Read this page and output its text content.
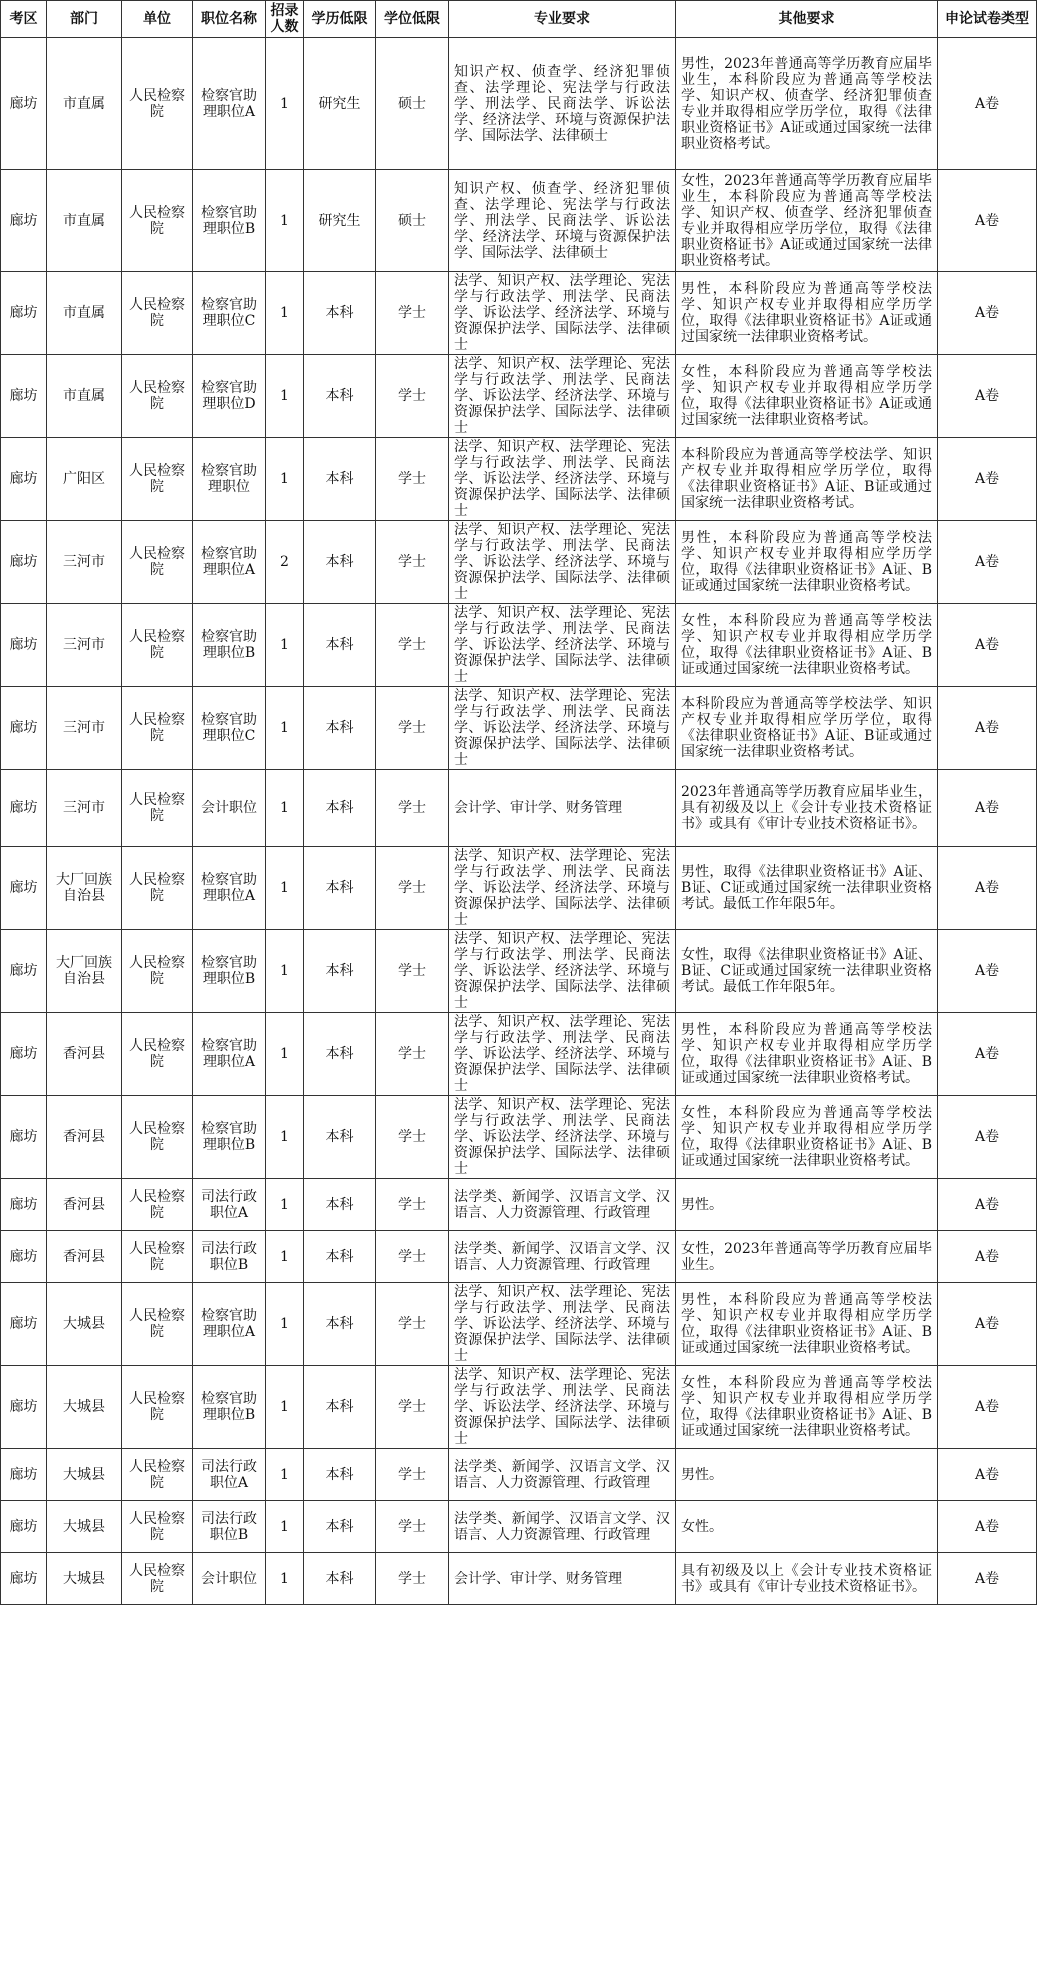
考区	部门	单位	职位名称	招录人数	学历低限	学位低限	专业要求	其他要求	申论试卷类型
廊坊	市直属	人民检察院	检察官助理职位A	1	研究生	硕士	知识产权、侦查学、经济犯罪侦查、法学理论、宪法学与行政法学、刑法学、民商法学、诉讼法学、经济法学、环境与资源保护法学、国际法学、法律硕士	男性，2023年普通高等学历教育应届毕业生，本科阶段应为普通高等学校法学、知识产权、侦查学、经济犯罪侦查专业并取得相应学历学位，取得《法律职业资格证书》A证或通过国家统一法律职业资格考试。	A卷
廊坊	市直属	人民检察院	检察官助理职位B	1	研究生	硕士	知识产权、侦查学、经济犯罪侦查、法学理论、宪法学与行政法学、刑法学、民商法学、诉讼法学、经济法学、环境与资源保护法学、国际法学、法律硕士	女性，2023年普通高等学历教育应届毕业生，本科阶段应为普通高等学校法学、知识产权、侦查学、经济犯罪侦查专业并取得相应学历学位，取得《法律职业资格证书》A证或通过国家统一法律职业资格考试。	A卷
廊坊	市直属	人民检察院	检察官助理职位C	1	本科	学士	法学、知识产权、法学理论、宪法学与行政法学、刑法学、民商法学、诉讼法学、经济法学、环境与资源保护法学、国际法学、法律硕士	男性，本科阶段应为普通高等学校法学、知识产权专业并取得相应学历学位，取得《法律职业资格证书》A证或通过国家统一法律职业资格考试。	A卷
廊坊	市直属	人民检察院	检察官助理职位D	1	本科	学士	法学、知识产权、法学理论、宪法学与行政法学、刑法学、民商法学、诉讼法学、经济法学、环境与资源保护法学、国际法学、法律硕士	女性，本科阶段应为普通高等学校法学、知识产权专业并取得相应学历学位，取得《法律职业资格证书》A证或通过国家统一法律职业资格考试。	A卷
廊坊	广阳区	人民检察院	检察官助理职位	1	本科	学士	法学、知识产权、法学理论、宪法学与行政法学、刑法学、民商法学、诉讼法学、经济法学、环境与资源保护法学、国际法学、法律硕士	本科阶段应为普通高等学校法学、知识产权专业并取得相应学历学位，取得《法律职业资格证书》A证、B证或通过国家统一法律职业资格考试。	A卷
廊坊	三河市	人民检察院	检察官助理职位A	2	本科	学士	法学、知识产权、法学理论、宪法学与行政法学、刑法学、民商法学、诉讼法学、经济法学、环境与资源保护法学、国际法学、法律硕士	男性，本科阶段应为普通高等学校法学、知识产权专业并取得相应学历学位，取得《法律职业资格证书》A证、B证或通过国家统一法律职业资格考试。	A卷
廊坊	三河市	人民检察院	检察官助理职位B	1	本科	学士	法学、知识产权、法学理论、宪法学与行政法学、刑法学、民商法学、诉讼法学、经济法学、环境与资源保护法学、国际法学、法律硕士	女性，本科阶段应为普通高等学校法学、知识产权专业并取得相应学历学位，取得《法律职业资格证书》A证、B证或通过国家统一法律职业资格考试。	A卷
廊坊	三河市	人民检察院	检察官助理职位C	1	本科	学士	法学、知识产权、法学理论、宪法学与行政法学、刑法学、民商法学、诉讼法学、经济法学、环境与资源保护法学、国际法学、法律硕士	本科阶段应为普通高等学校法学、知识产权专业并取得相应学历学位，取得《法律职业资格证书》A证、B证或通过国家统一法律职业资格考试。	A卷
廊坊	三河市	人民检察院	会计职位	1	本科	学士	会计学、审计学、财务管理	2023年普通高等学历教育应届毕业生，具有初级及以上《会计专业技术资格证书》或具有《审计专业技术资格证书》。	A卷
廊坊	大厂回族自治县	人民检察院	检察官助理职位A	1	本科	学士	法学、知识产权、法学理论、宪法学与行政法学、刑法学、民商法学、诉讼法学、经济法学、环境与资源保护法学、国际法学、法律硕士	男性，取得《法律职业资格证书》A证、B证、C证或通过国家统一法律职业资格考试。最低工作年限5年。	A卷
廊坊	大厂回族自治县	人民检察院	检察官助理职位B	1	本科	学士	法学、知识产权、法学理论、宪法学与行政法学、刑法学、民商法学、诉讼法学、经济法学、环境与资源保护法学、国际法学、法律硕士	女性，取得《法律职业资格证书》A证、B证、C证或通过国家统一法律职业资格考试。最低工作年限5年。	A卷
廊坊	香河县	人民检察院	检察官助理职位A	1	本科	学士	法学、知识产权、法学理论、宪法学与行政法学、刑法学、民商法学、诉讼法学、经济法学、环境与资源保护法学、国际法学、法律硕士	男性，本科阶段应为普通高等学校法学、知识产权专业并取得相应学历学位，取得《法律职业资格证书》A证、B证或通过国家统一法律职业资格考试。	A卷
廊坊	香河县	人民检察院	检察官助理职位B	1	本科	学士	法学、知识产权、法学理论、宪法学与行政法学、刑法学、民商法学、诉讼法学、经济法学、环境与资源保护法学、国际法学、法律硕士	女性，本科阶段应为普通高等学校法学、知识产权专业并取得相应学历学位，取得《法律职业资格证书》A证、B证或通过国家统一法律职业资格考试。	A卷
廊坊	香河县	人民检察院	司法行政职位A	1	本科	学士	法学类、新闻学、汉语言文学、汉语言、人力资源管理、行政管理	男性。	A卷
廊坊	香河县	人民检察院	司法行政职位B	1	本科	学士	法学类、新闻学、汉语言文学、汉语言、人力资源管理、行政管理	女性，2023年普通高等学历教育应届毕业生。	A卷
廊坊	大城县	人民检察院	检察官助理职位A	1	本科	学士	法学、知识产权、法学理论、宪法学与行政法学、刑法学、民商法学、诉讼法学、经济法学、环境与资源保护法学、国际法学、法律硕士	男性，本科阶段应为普通高等学校法学、知识产权专业并取得相应学历学位，取得《法律职业资格证书》A证、B证或通过国家统一法律职业资格考试。	A卷
廊坊	大城县	人民检察院	检察官助理职位B	1	本科	学士	法学、知识产权、法学理论、宪法学与行政法学、刑法学、民商法学、诉讼法学、经济法学、环境与资源保护法学、国际法学、法律硕士	女性，本科阶段应为普通高等学校法学、知识产权专业并取得相应学历学位，取得《法律职业资格证书》A证、B证或通过国家统一法律职业资格考试。	A卷
廊坊	大城县	人民检察院	司法行政职位A	1	本科	学士	法学类、新闻学、汉语言文学、汉语言、人力资源管理、行政管理	男性。	A卷
廊坊	大城县	人民检察院	司法行政职位B	1	本科	学士	法学类、新闻学、汉语言文学、汉语言、人力资源管理、行政管理	女性。	A卷
廊坊	大城县	人民检察院	会计职位	1	本科	学士	会计学、审计学、财务管理	具有初级及以上《会计专业技术资格证书》或具有《审计专业技术资格证书》。	A卷
